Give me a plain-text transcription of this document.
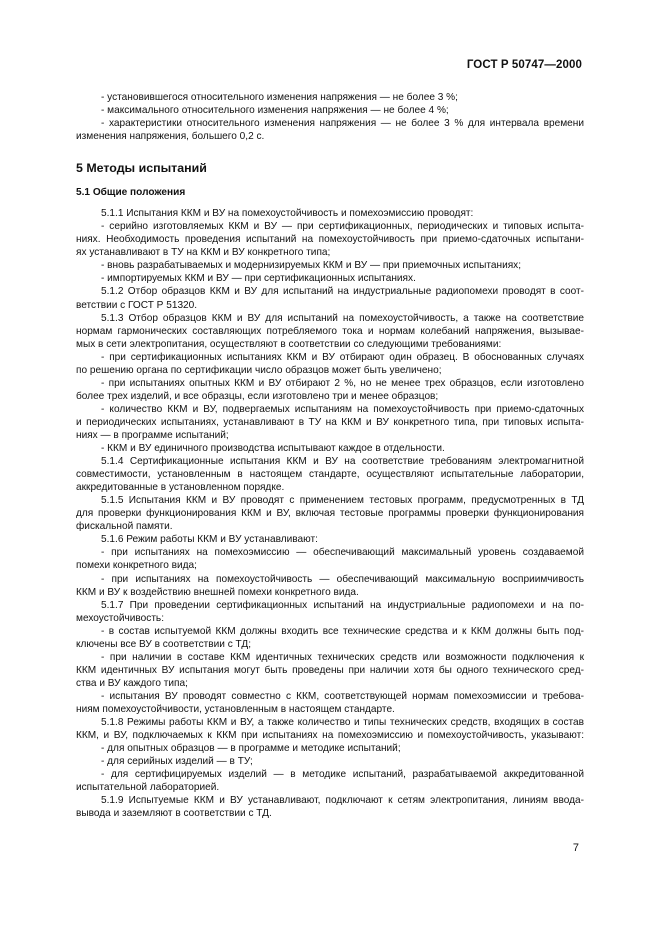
ГОСТ Р 50747—2000
- установившегося относительного изменения напряжения — не более 3 %;
- максимального относительного изменения напряжения — не более 4 %;
- характеристики относительного изменения напряжения — не более 3 % для интервала времени
изменения напряжения, большего 0,2 с.
5 Методы испытаний
5.1 Общие положения
5.1.1 Испытания ККМ и ВУ на помехоустойчивость и помехоэмиссию проводят:
- серийно изготовляемых ККМ и ВУ — при сертификационных, периодических и типовых испыта-
ниях. Необходимость проведения испытаний на помехоустойчивость при приемо-сдаточных испытани-
ях устанавливают в ТУ на ККМ и ВУ конкретного типа;
- вновь разрабатываемых и модернизируемых ККМ и ВУ — при приемочных испытаниях;
- импортируемых ККМ и ВУ — при сертификационных испытаниях.
5.1.2 Отбор образцов ККМ и ВУ для испытаний на индустриальные радиопомехи проводят в соот-
ветствии с ГОСТ Р 51320.
5.1.3 Отбор образцов ККМ и ВУ для испытаний на помехоустойчивость, а также на соответствие
нормам гармонических составляющих потребляемого тока и нормам колебаний напряжения, вызывае-
мых в сети электропитания, осуществляют в соответствии со следующими требованиями:
- при сертификационных испытаниях ККМ и ВУ отбирают один образец. В обоснованных случаях
по решению органа по сертификации число образцов может быть увеличено;
- при испытаниях опытных ККМ и ВУ отбирают 2 %, но не менее трех образцов, если изготовлено
более трех изделий, и все образцы, если изготовлено три и менее образцов;
- количество ККМ и ВУ, подвергаемых испытаниям на помехоустойчивость при приемо-сдаточных
и периодических испытаниях, устанавливают в ТУ на ККМ и ВУ конкретного типа, при типовых испыта-
ниях — в программе испытаний;
- ККМ и ВУ единичного производства испытывают каждое в отдельности.
5.1.4 Сертификационные испытания ККМ и ВУ на соответствие требованиям электромагнитной
совместимости, установленным в настоящем стандарте, осуществляют испытательные лаборатории,
аккредитованные в установленном порядке.
5.1.5 Испытания ККМ и ВУ проводят с применением тестовых программ, предусмотренных в ТД
для проверки функционирования ККМ и ВУ, включая тестовые программы проверки функционирования
фискальной памяти.
5.1.6 Режим работы ККМ и ВУ устанавливают:
- при испытаниях на помехоэмиссию — обеспечивающий максимальный уровень создаваемой
помехи конкретного вида;
- при испытаниях на помехоустойчивость — обеспечивающий максимальную восприимчивость
ККМ и ВУ к воздействию внешней помехи конкретного вида.
5.1.7 При проведении сертификационных испытаний на индустриальные радиопомехи и на по-
мехоустойчивость:
- в состав испытуемой ККМ должны входить все технические средства и к ККМ должны быть под-
ключены все ВУ в соответствии с ТД;
- при наличии в составе ККМ идентичных технических средств или возможности подключения к
ККМ идентичных ВУ испытания могут быть проведены при наличии хотя бы одного технического сред-
ства и ВУ каждого типа;
- испытания ВУ проводят совместно с ККМ, соответствующей нормам помехоэмиссии и требова-
ниям помехоустойчивости, установленным в настоящем стандарте.
5.1.8 Режимы работы ККМ и ВУ, а также количество и типы технических средств, входящих в состав
ККМ, и ВУ, подключаемых к ККМ при испытаниях на помехоэмиссию и помехоустойчивость, указывают:
- для опытных образцов — в программе и методике испытаний;
- для серийных изделий — в ТУ;
- для сертифицируемых изделий — в методике испытаний, разрабатываемой аккредитованной
испытательной лабораторией.
5.1.9 Испытуемые ККМ и ВУ устанавливают, подключают к сетям электропитания, линиям ввода-
вывода и заземляют в соответствии с ТД.
7
